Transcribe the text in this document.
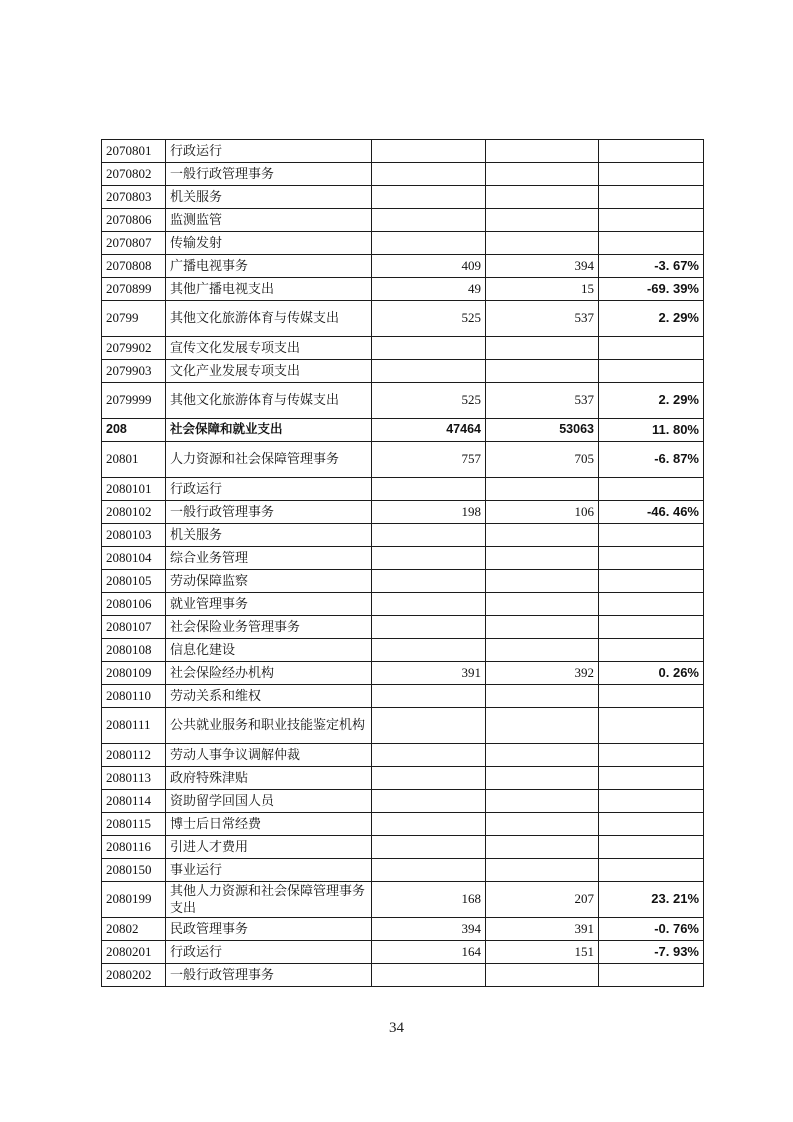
2070801	行政运行			
2070802	一般行政管理事务			
2070803	机关服务			
2070806	监测监管			
2070807	传输发射			
2070808	广播电视事务	409	394	-3. 67%
2070899	其他广播电视支出	49	15	-69. 39%
20799	其他文化旅游体育与传媒支出	525	537	2. 29%
2079902	宣传文化发展专项支出			
2079903	文化产业发展专项支出			
2079999	其他文化旅游体育与传媒支出	525	537	2. 29%
208	社会保障和就业支出	47464	53063	11. 80%
20801	人力资源和社会保障管理事务	757	705	-6. 87%
2080101	行政运行			
2080102	一般行政管理事务	198	106	-46. 46%
2080103	机关服务			
2080104	综合业务管理			
2080105	劳动保障监察			
2080106	就业管理事务			
2080107	社会保险业务管理事务			
2080108	信息化建设			
2080109	社会保险经办机构	391	392	0. 26%
2080110	劳动关系和维权			
2080111	公共就业服务和职业技能鉴定机构			
2080112	劳动人事争议调解仲裁			
2080113	政府特殊津贴			
2080114	资助留学回国人员			
2080115	博士后日常经费			
2080116	引进人才费用			
2080150	事业运行			
2080199	其他人力资源和社会保障管理事务支出	168	207	23. 21%
20802	民政管理事务	394	391	-0. 76%
2080201	行政运行	164	151	-7. 93%
2080202	一般行政管理事务			
34
